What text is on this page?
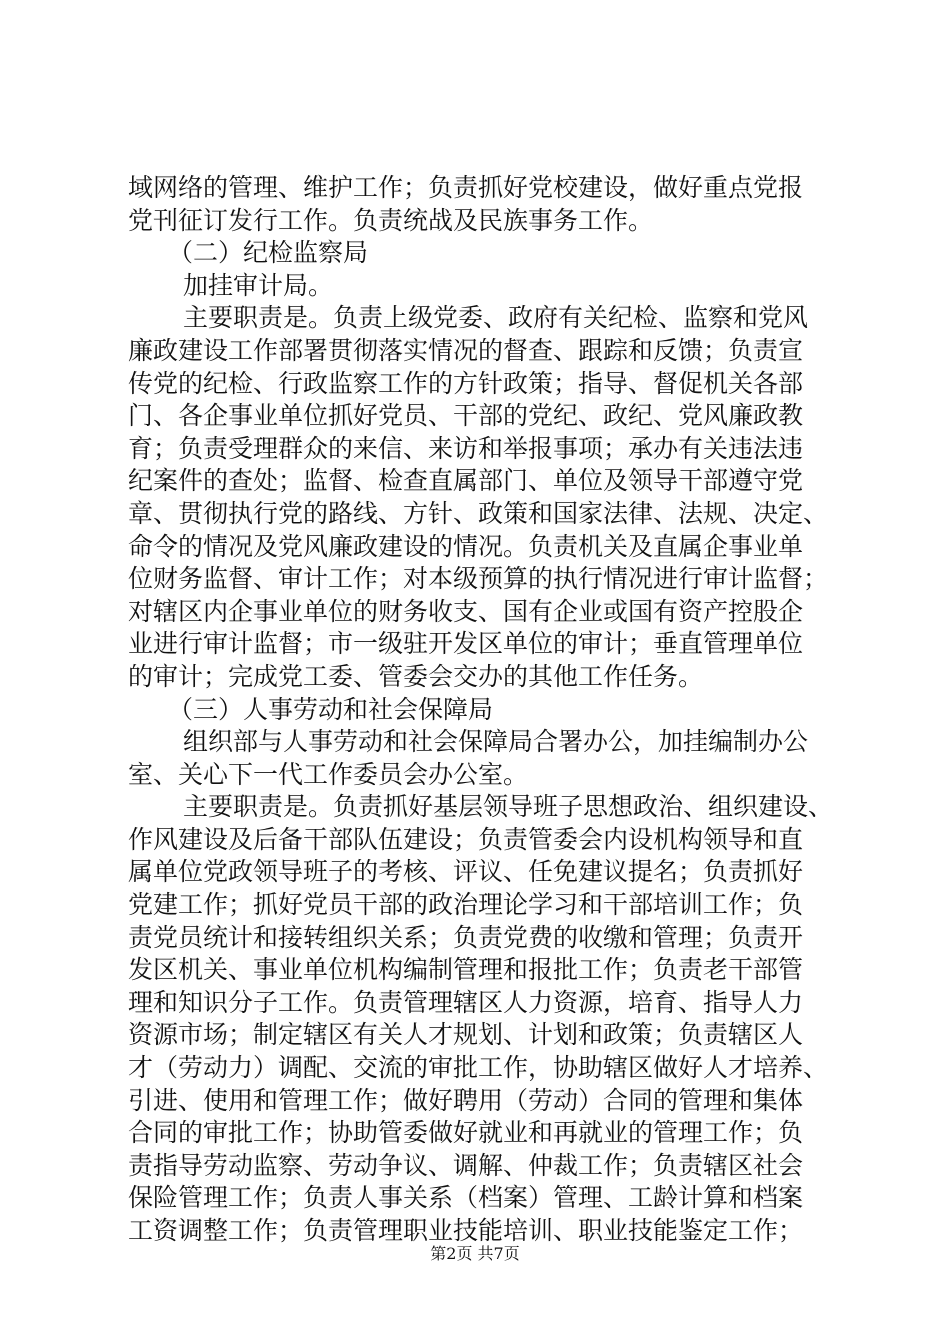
域网络的管理、维护工作；负责抓好党校建设，做好重点党报
党刊征订发行工作。负责统战及民族事务工作。
（二）纪检监察局
加挂审计局。
主要职责是。负责上级党委、政府有关纪检、监察和党风
廉政建设工作部署贯彻落实情况的督查、跟踪和反馈；负责宣
传党的纪检、行政监察工作的方针政策；指导、督促机关各部
门、各企事业单位抓好党员、干部的党纪、政纪、党风廉政教
育；负责受理群众的来信、来访和举报事项；承办有关违法违
纪案件的查处；监督、检查直属部门、单位及领导干部遵守党
章、贯彻执行党的路线、方针、政策和国家法律、法规、决定、
命令的情况及党风廉政建设的情况。负责机关及直属企事业单
位财务监督、审计工作；对本级预算的执行情况进行审计监督；
对辖区内企事业单位的财务收支、国有企业或国有资产控股企
业进行审计监督；市一级驻开发区单位的审计；垂直管理单位
的审计；完成党工委、管委会交办的其他工作任务。
（三）人事劳动和社会保障局
组织部与人事劳动和社会保障局合署办公，加挂编制办公
室、关心下一代工作委员会办公室。
主要职责是。负责抓好基层领导班子思想政治、组织建设、
作风建设及后备干部队伍建设；负责管委会内设机构领导和直
属单位党政领导班子的考核、评议、任免建议提名；负责抓好
党建工作；抓好党员干部的政治理论学习和干部培训工作；负
责党员统计和接转组织关系；负责党费的收缴和管理；负责开
发区机关、事业单位机构编制管理和报批工作；负责老干部管
理和知识分子工作。负责管理辖区人力资源，培育、指导人力
资源市场；制定辖区有关人才规划、计划和政策；负责辖区人
才（劳动力）调配、交流的审批工作，协助辖区做好人才培养、
引进、使用和管理工作；做好聘用（劳动）合同的管理和集体
合同的审批工作；协助管委做好就业和再就业的管理工作；负
责指导劳动监察、劳动争议、调解、仲裁工作；负责辖区社会
保险管理工作；负责人事关系（档案）管理、工龄计算和档案
工资调整工作；负责管理职业技能培训、职业技能鉴定工作；
第2页 共7页
